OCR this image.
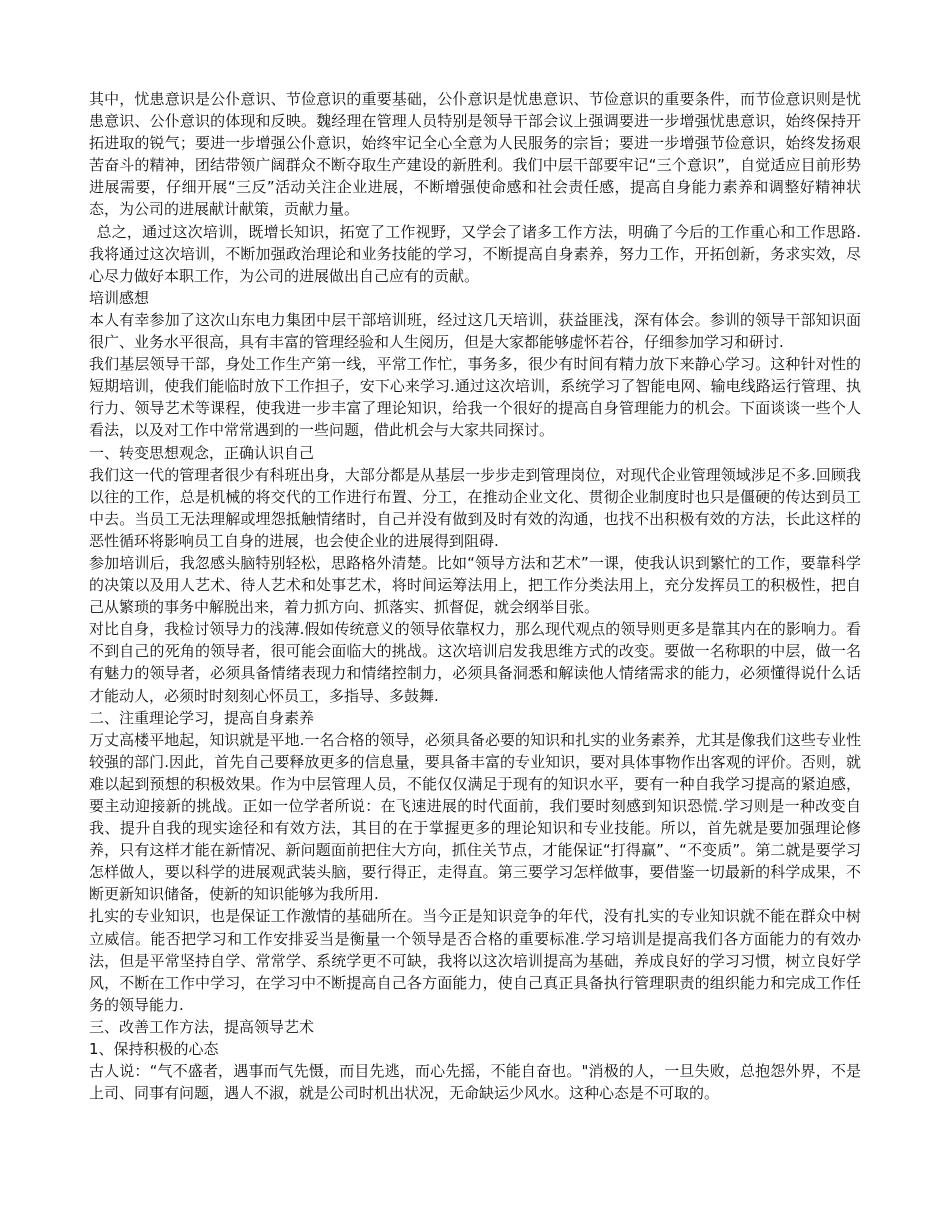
其中，忧患意识是公仆意识、节俭意识的重要基础，公仆意识是忧患意识、节俭意识的重要条件，而节俭意识则是忧患意识、公仆意识的体现和反映。魏经理在管理人员特别是领导干部会议上强调要进一步增强忧患意识，始终保持开拓进取的锐气；要进一步增强公仆意识，始终牢记全心全意为人民服务的宗旨；要进一步增强节俭意识，始终发扬艰苦奋斗的精神，团结带领广阔群众不断夺取生产建设的新胜利。我们中层干部要牢记“三个意识”，自觉适应目前形势进展需要，仔细开展“三反”活动关注企业进展，不断增强使命感和社会责任感，提高自身能力素养和调整好精神状态，为公司的进展献计献策，贡献力量。

总之，通过这次培训，既增长知识，拓宽了工作视野，又学会了诸多工作方法，明确了今后的工作重心和工作思路.我将通过这次培训，不断加强政治理论和业务技能的学习，不断提高自身素养，努力工作，开拓创新，务求实效，尽心尽力做好本职工作，为公司的进展做出自己应有的贡献。

培训感想

本人有幸参加了这次山东电力集团中层干部培训班，经过这几天培训，获益匪浅，深有体会。参训的领导干部知识面很广、业务水平很高，具有丰富的管理经验和人生阅历，但是大家都能够虚怀若谷，仔细参加学习和研讨.

我们基层领导干部，身处工作生产第一线，平常工作忙，事务多，很少有时间有精力放下来静心学习。这种针对性的短期培训，使我们能临时放下工作担子，安下心来学习.通过这次培训，系统学习了智能电网、输电线路运行管理、执行力、领导艺术等课程，使我进一步丰富了理论知识，给我一个很好的提高自身管理能力的机会。下面谈谈一些个人看法，以及对工作中常常遇到的一些问题，借此机会与大家共同探讨。

一、转变思想观念，正确认识自己

我们这一代的管理者很少有科班出身，大部分都是从基层一步步走到管理岗位，对现代企业管理领域涉足不多.回顾我以往的工作，总是机械的将交代的工作进行布置、分工，在推动企业文化、贯彻企业制度时也只是僵硬的传达到员工中去。当员工无法理解或埋怨抵触情绪时，自己并没有做到及时有效的沟通，也找不出积极有效的方法，长此这样的恶性循环将影响员工自身的进展，也会使企业的进展得到阻碍.

参加培训后，我忽感头脑特别轻松，思路格外清楚。比如“领导方法和艺术”一课，使我认识到繁忙的工作，要靠科学的决策以及用人艺术、待人艺术和处事艺术，将时间运筹法用上，把工作分类法用上，充分发挥员工的积极性，把自己从繁琐的事务中解脱出来，着力抓方向、抓落实、抓督促，就会纲举目张。

对比自身，我检讨领导力的浅薄.假如传统意义的领导依靠权力，那么现代观点的领导则更多是靠其内在的影响力。看不到自己的死角的领导者，很可能会面临大的挑战。这次培训启发我思维方式的改变。要做一名称职的中层，做一名有魅力的领导者，必须具备情绪表现力和情绪控制力，必须具备洞悉和解读他人情绪需求的能力，必须懂得说什么话才能动人，必须时时刻刻心怀员工，多指导、多鼓舞.

二、注重理论学习，提高自身素养

万丈高楼平地起，知识就是平地.一名合格的领导，必须具备必要的知识和扎实的业务素养，尤其是像我们这些专业性较强的部门.因此，首先自己要释放更多的信息量，要具备丰富的专业知识，要对具体事物作出客观的评价。否则，就难以起到预想的积极效果。作为中层管理人员，不能仅仅满足于现有的知识水平，要有一种自我学习提高的紧迫感，要主动迎接新的挑战。正如一位学者所说：在飞速进展的时代面前，我们要时刻感到知识恐慌.学习则是一种改变自我、提升自我的现实途径和有效方法，其目的在于掌握更多的理论知识和专业技能。所以，首先就是要加强理论修养，只有这样才能在新情况、新问题面前把住大方向，抓住关节点，才能保证“打得赢”、“不变质”。第二就是要学习怎样做人，要以科学的进展观武装头脑，要行得正，走得直。第三要学习怎样做事，要借鉴一切最新的科学成果，不断更新知识储备，使新的知识能够为我所用.

扎实的专业知识，也是保证工作激情的基础所在。当今正是知识竞争的年代，没有扎实的专业知识就不能在群众中树立威信。能否把学习和工作安排妥当是衡量一个领导是否合格的重要标准.学习培训是提高我们各方面能力的有效办法，但是平常坚持自学、常常学、系统学更不可缺，我将以这次培训提高为基础，养成良好的学习习惯，树立良好学风，不断在工作中学习，在学习中不断提高自己各方面能力，使自己真正具备执行管理职责的组织能力和完成工作任务的领导能力.

三、改善工作方法，提高领导艺术

1、保持积极的心态

古人说：“气不盛者，遇事而气先慑，而目先逃，而心先摇，不能自奋也。"消极的人，一旦失败，总抱怨外界，不是上司、同事有问题，遇人不淑，就是公司时机出状况，无命缺运少风水。这种心态是不可取的。
